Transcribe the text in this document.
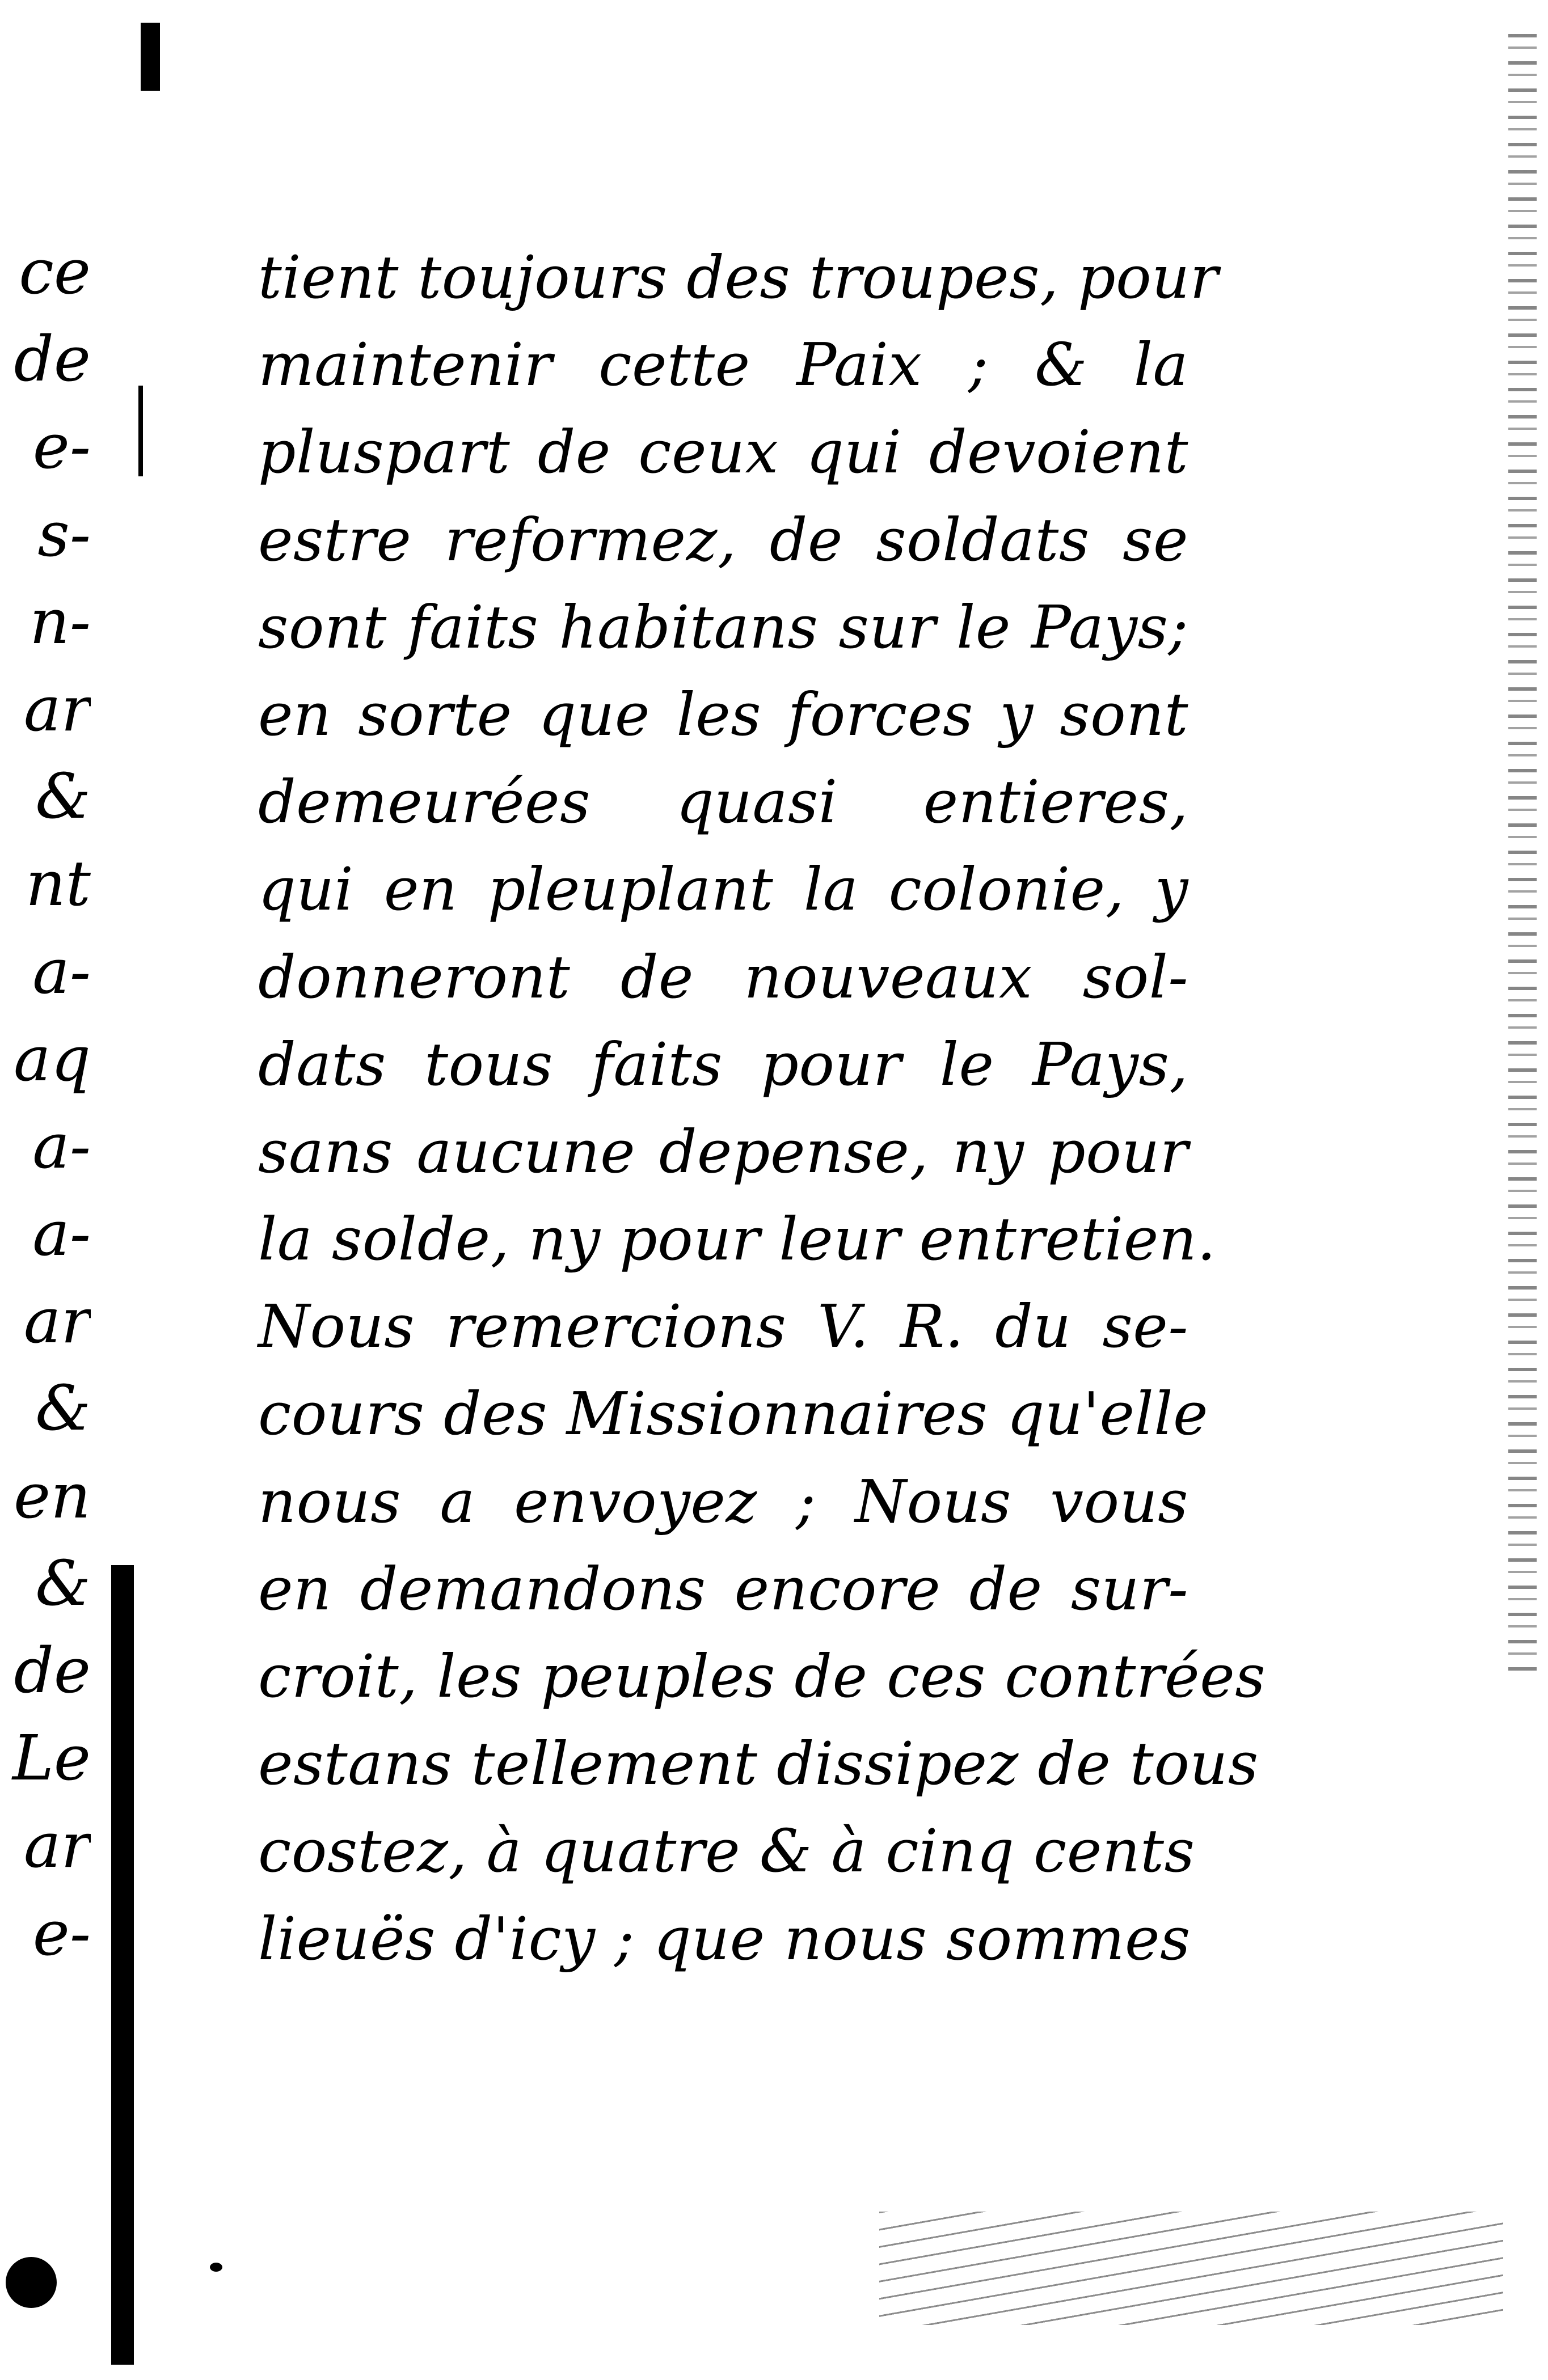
ce
de
e-
s-
n-
ar
&
nt
a-
aq
a-
a-
ar
&
en
&
de
Le
ar
e-
tient toujours des troupes, pour
maintenir cette Paix ; & la
pluspart de ceux qui devoient
estre reformez, de soldats se
sont faits habitans sur le Pays;
en sorte que les forces y sont
demeurées quasi entieres,
qui en pleuplant la colonie, y
donneront de nouveaux sol-
dats tous faits pour le Pays,
sans aucune depense, ny pour
la solde, ny pour leur entretien.
Nous remercions V. R. du se-
cours des Missionnaires qu'elle
nous a envoyez ; Nous vous
en demandons encore de sur-
croit, les peuples de ces contrées
estans tellement dissipez de tous
costez, à quatre & à cinq cents
lieuës d'icy ; que nous sommes
